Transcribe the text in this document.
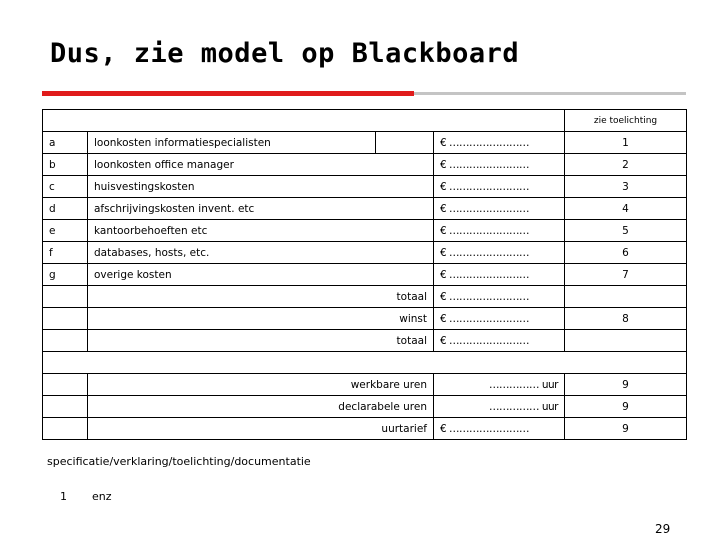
Dus, zie model op Blackboard
				zie toelichting
a	loonkosten informatiespecialisten		€ ……………………	1
b	loonkosten office manager		€ ……………………	2
c	huisvestingskosten		€ ……………………	3
d	afschrijvingskosten invent. etc		€ ……………………	4
e	kantoorbehoeften etc		€ ……………………	5
f	databases, hosts, etc.		€ ……………………	6
g	overige kosten		€ ……………………	7
	totaal		€ ……………………	
	winst		€ ……………………	8
	totaal		€ ……………………	

	werkbare uren		…………… uur	9
	declarabele uren		…………… uur	9
	uurtarief		€ ……………………	9
specificatie/verklaring/toelichting/documentatie
1 enz
29
